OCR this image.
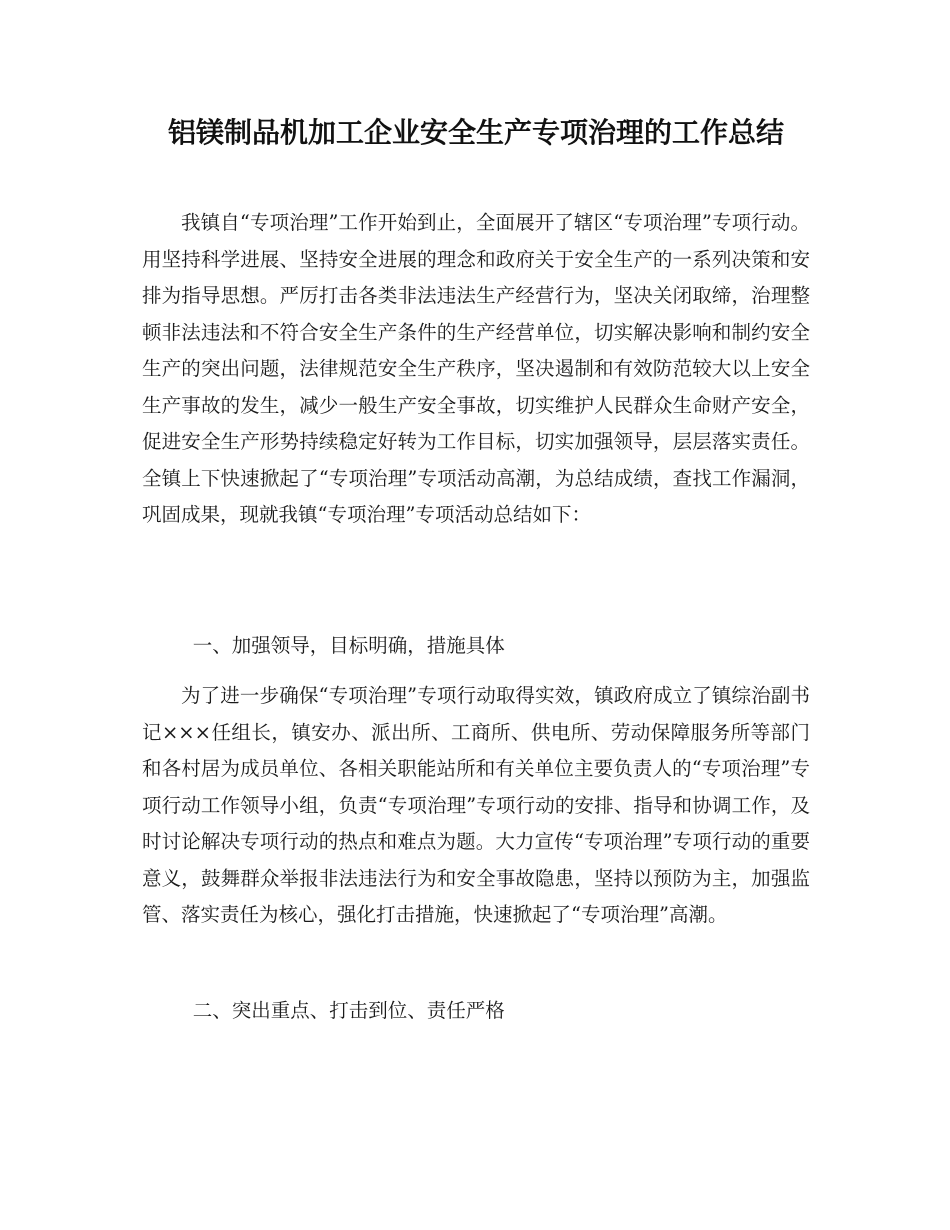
铝镁制品机加工企业安全生产专项治理的工作总结

我镇自“专项治理”工作开始到止，全面展开了辖区“专项治理”专项行动。用坚持科学进展、坚持安全进展的理念和政府关于安全生产的一系列决策和安排为指导思想。严厉打击各类非法违法生产经营行为，坚决关闭取缔，治理整顿非法违法和不符合安全生产条件的生产经营单位，切实解决影响和制约安全生产的突出问题，法律规范安全生产秩序，坚决遏制和有效防范较大以上安全生产事故的发生，减少一般生产安全事故，切实维护人民群众生命财产安全，促进安全生产形势持续稳定好转为工作目标，切实加强领导，层层落实责任。全镇上下快速掀起了“专项治理”专项活动高潮，为总结成绩，查找工作漏洞，巩固成果，现就我镇“专项治理”专项活动总结如下：

一、加强领导，目标明确，措施具体

为了进一步确保“专项治理”专项行动取得实效，镇政府成立了镇综治副书记×××任组长，镇安办、派出所、工商所、供电所、劳动保障服务所等部门和各村居为成员单位、各相关职能站所和有关单位主要负责人的“专项治理”专项行动工作领导小组，负责“专项治理”专项行动的安排、指导和协调工作，及时讨论解决专项行动的热点和难点为题。大力宣传“专项治理”专项行动的重要意义，鼓舞群众举报非法违法行为和安全事故隐患，坚持以预防为主，加强监管、落实责任为核心，强化打击措施，快速掀起了“专项治理”高潮。

二、突出重点、打击到位、责任严格
